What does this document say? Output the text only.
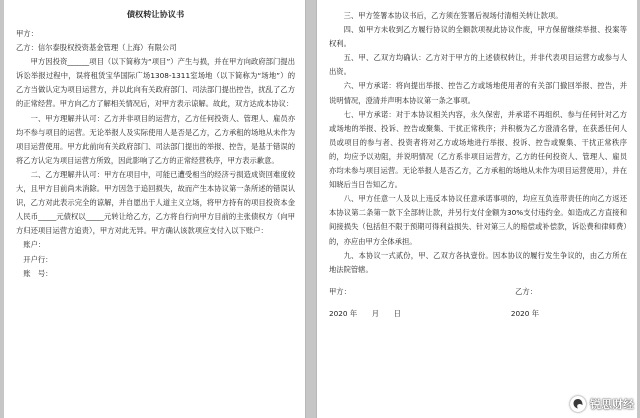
债权转让协议书
甲方：
乙方：信尔泰股权投资基金管理（上海）有限公司

甲方因投资______项目（以下简称为“项目”）产生与损，并在甲方向政府部门提出诉讼举报过程中，误将租赁宝华国际广场1308-1311室场地（以下简称为“场地”）的乙方当做认定为项目运营方，并以此向有关政府部门、司法部门提出控告，扰乱了乙方的正常经营。甲方向乙方了解相关情况后，对甲方表示谅解。故此，双方达成本协议：

一、甲方理解并认可：乙方并非项目的运营方，乙方任何投资人、管理人、雇员亦均不参与项目的运营。无论举报人及实际使用人是否是乙方，乙方承租的场地从未作为项目运营使用。甲方此前向有关政府部门、司法部门提出的举报、控告，是基于错误的将乙方认定为项目运营方所致，因此影响了乙方的正常经营秩序，甲方表示歉意。

二、乙方理解并认可：甲方在项目中，可能已遭受相当的经济亏损造成资回难度较大，且甲方目前尚未消除。甲方因急于追回损失，故而产生本协议第一条所述的错误认识，乙方对此表示完全的谅解，并自愿出于人道主义立场，将甲方持有的项目投资本金人民币_____元债权以_____元转让给乙方，乙方将自行向甲方目前的主张债权方（向甲方归还项目运营方追责），甲方对此无异。甲方确认该款项应支付入以下账户：

账户：
开户行：
账　号：

三、甲方签署本协议书后，乙方须在签署后视场付清相关转让款项。

四、如甲方未收到乙方履行协议的全额款项视此协议作废，甲方保留继续举报、投案等权利。

五、甲、乙双方均确认：乙方对于甲方的上述债权转让，并非代表项目运营方或参与人出资。

六、甲方承诺：将向提出举报、控告乙方或场地使用者的有关部门撤回举报、控告，并说明情况，澄清并声明本协议第一条之事项。

七、甲方承诺：对于本协议相关内容，永久保密，并承诺不再组织、参与任何针对乙方或场地的举报、投诉、控告或聚集、干扰正常秩序；并积极为乙方澄清名誉，在获悉任何人员或项目的参与者、投资者将对乙方或场地进行举报、投诉、控告或聚集、干扰正常秩序的，均应予以劝阻，并说明情况（乙方系非项目运营方，乙方的任何投资人、管理人、雇员亦均未参与项目运营。无论举报人是否乙方，乙方承租的场地从未作为项目运营使用），并在知晓后当日告知乙方。

八、甲方任意一人及以上违反本协议任意承诺事项的，均应互负连带责任的向乙方返还本协议第二条第一款下全部转让款，并另行支付金额为30%支付违约金。如造成乙方直接和间接损失（包括但不限于预期可得利益损失、针对第三人的赔偿或补偿款，诉讼费和律师费）的，亦应由甲方全体承担。

九、本协议一式贰份，甲、乙双方各执壹份。因本协议的履行发生争议的，由乙方所在地法院管辖。

甲方：	乙方：
2020 年　　月　　日	2020 年
锐思财经
